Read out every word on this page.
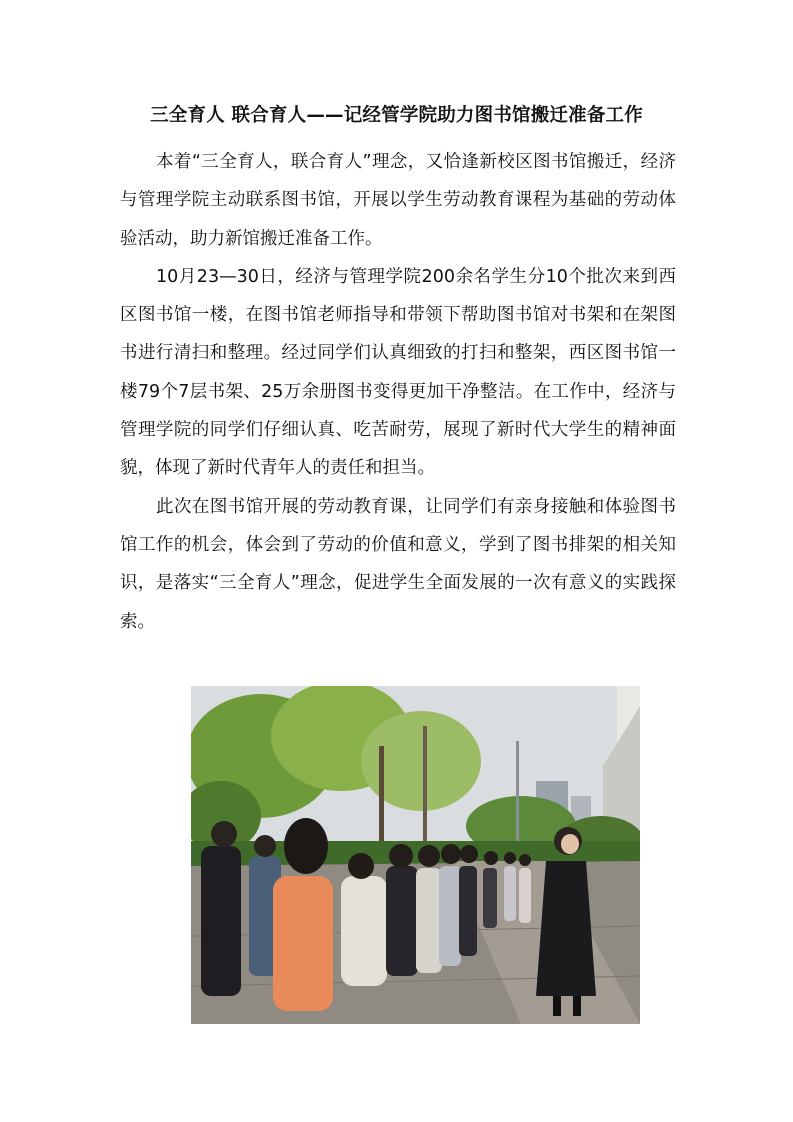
三全育人 联合育人——记经管学院助力图书馆搬迁准备工作

本着“三全育人，联合育人”理念，又恰逢新校区图书馆搬迁，经济与管理学院主动联系图书馆，开展以学生劳动教育课程为基础的劳动体验活动，助力新馆搬迁准备工作。

10月23—30日，经济与管理学院200余名学生分10个批次来到西区图书馆一楼，在图书馆老师指导和带领下帮助图书馆对书架和在架图书进行清扫和整理。经过同学们认真细致的打扫和整架，西区图书馆一楼79个7层书架、25万余册图书变得更加干净整洁。在工作中，经济与管理学院的同学们仔细认真、吃苦耐劳，展现了新时代大学生的精神面貌，体现了新时代青年人的责任和担当。

此次在图书馆开展的劳动教育课，让同学们有亲身接触和体验图书馆工作的机会，体会到了劳动的价值和意义，学到了图书排架的相关知识，是落实“三全育人”理念，促进学生全面发展的一次有意义的实践探索。
